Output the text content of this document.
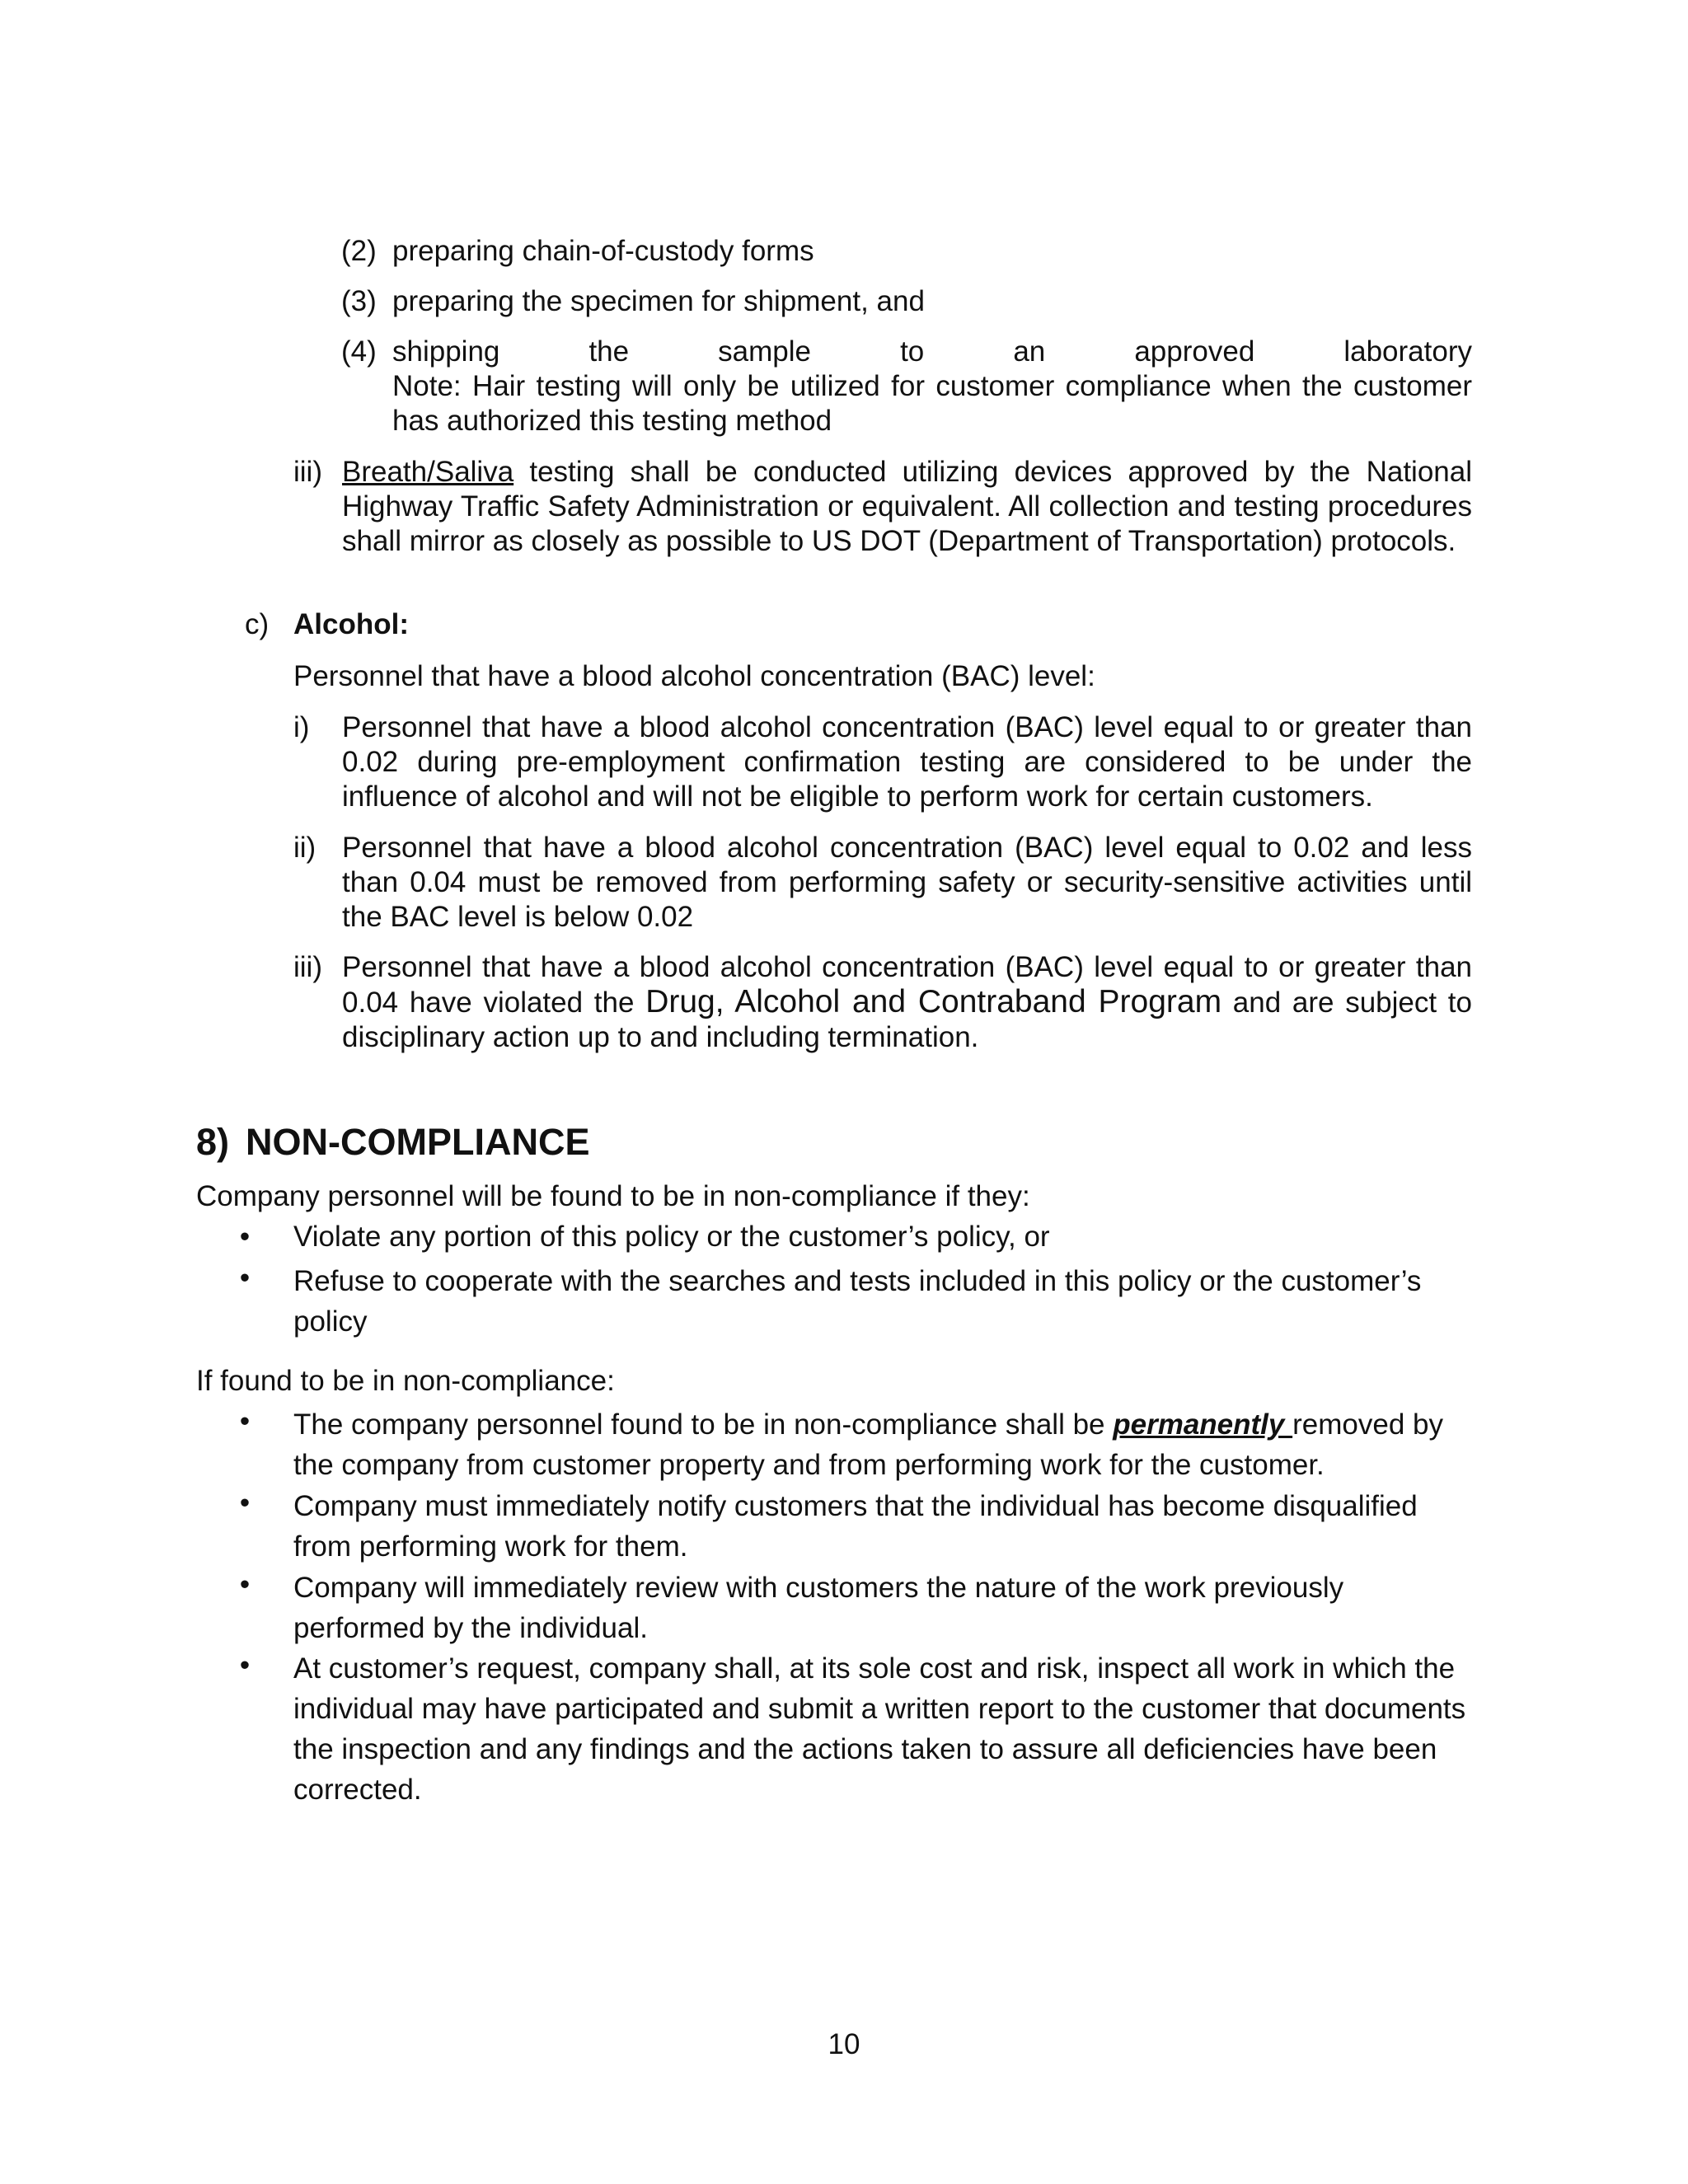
(2) preparing chain-of-custody forms
(3) preparing the specimen for shipment, and
(4) shipping the sample to an approved laboratory
Note: Hair testing will only be utilized for customer compliance when the customer has authorized this testing method
iii) Breath/Saliva testing shall be conducted utilizing devices approved by the National Highway Traffic Safety Administration or equivalent. All collection and testing procedures shall mirror as closely as possible to US DOT (Department of Transportation) protocols.
c) Alcohol:
Personnel that have a blood alcohol concentration (BAC) level:
i)	Personnel that have a blood alcohol concentration (BAC) level equal to or greater than 0.02 during pre-employment confirmation testing are considered to be under the influence of alcohol and will not be eligible to perform work for certain customers.
ii) Personnel that have a blood alcohol concentration (BAC) level equal to 0.02 and less than 0.04 must be removed from performing safety or security-sensitive activities until the BAC level is below 0.02
iii) Personnel that have a blood alcohol concentration (BAC) level equal to or greater than 0.04 have violated the Drug, Alcohol and Contraband Program and are subject to disciplinary action up to and including termination.
8) NON-COMPLIANCE
Company personnel will be found to be in non-compliance if they:
•	Violate any portion of this policy or the customer’s policy, or
•	Refuse to cooperate with the searches and tests included in this policy or the customer’s policy
If found to be in non-compliance:
•	The company personnel found to be in non-compliance shall be permanently removed by the company from customer property and from performing work for the customer.
•	Company must immediately notify customers that the individual has become disqualified from performing work for them.
•	Company will immediately review with customers the nature of the work previously performed by the individual.
•	At customer’s request, company shall, at its sole cost and risk, inspect all work in which the individual may have participated and submit a written report to the customer that documents the inspection and any findings and the actions taken to assure all deficiencies have been corrected.
10
